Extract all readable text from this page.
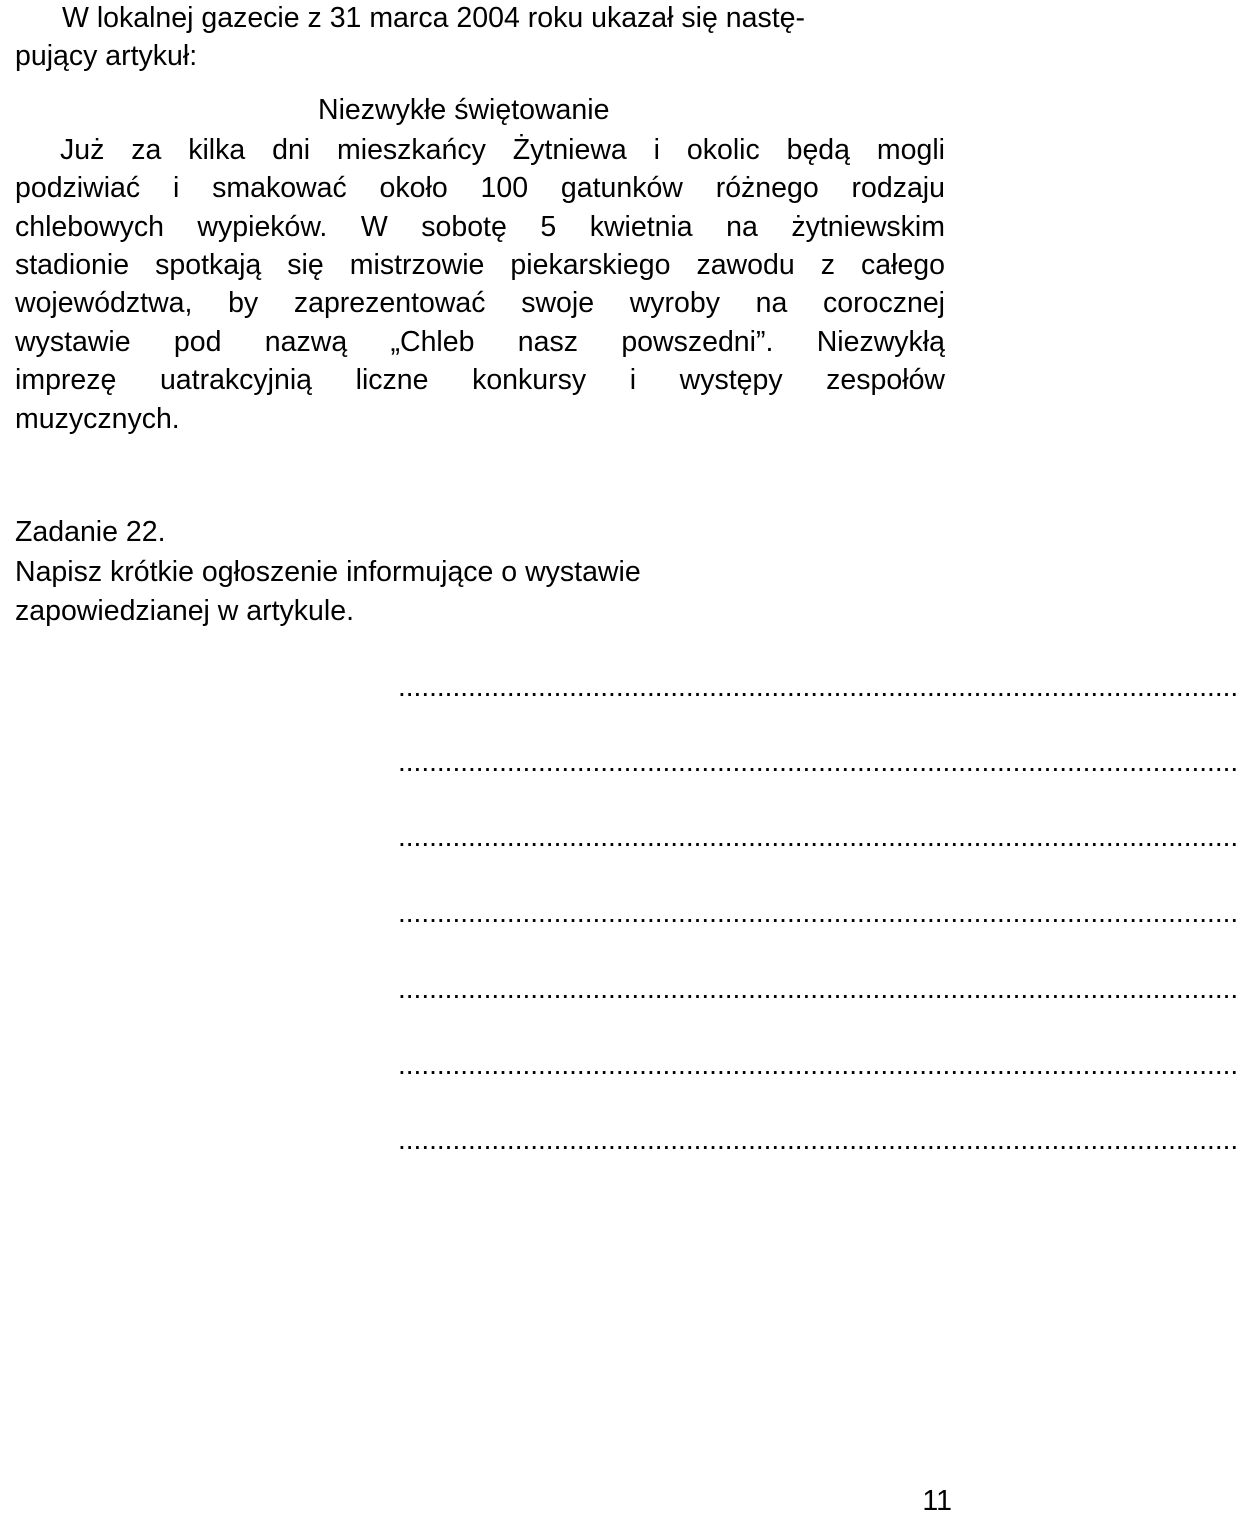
W lokalnej gazecie z 31 marca 2004 roku ukazał się nastę-
pujący artykuł:
Niezwykłe świętowanie
Już za kilka dni mieszkańcy Żytniewa i okolic będą mogli
podziwiać i smakować około 100 gatunków różnego rodzaju
chlebowych wypieków. W sobotę 5 kwietnia na żytniewskim
stadionie spotkają się mistrzowie piekarskiego zawodu z całego
województwa, by zaprezentować swoje wyroby na corocznej
wystawie pod nazwą „Chleb nasz powszedni”. Niezwykłą
imprezę uatrakcyjnią liczne konkursy i występy zespołów
muzycznych.
Zadanie 22.
Napisz krótkie ogłoszenie informujące o wystawie
zapowiedzianej w artykule.
............................................................................................................
............................................................................................................
............................................................................................................
............................................................................................................
............................................................................................................
............................................................................................................
............................................................................................................
11
